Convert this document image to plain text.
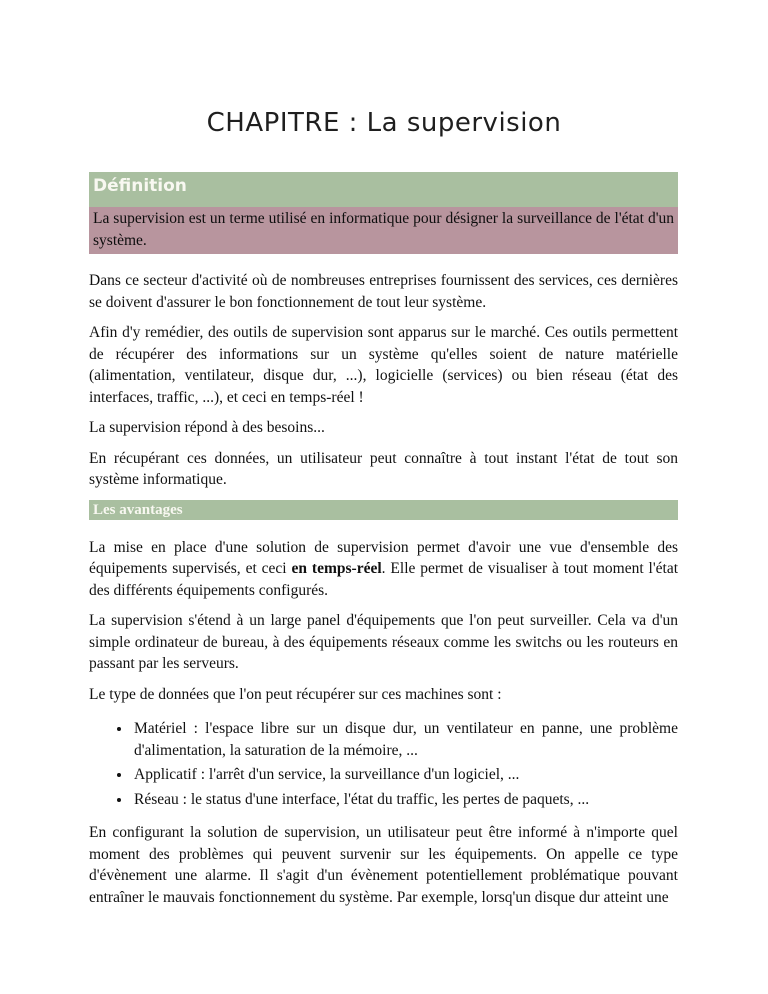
CHAPITRE : La supervision
Définition

La supervision est un terme utilisé en informatique pour désigner la surveillance de l'état d'un système.

Dans ce secteur d'activité où de nombreuses entreprises fournissent des services, ces dernières se doivent d'assurer le bon fonctionnement de tout leur système.

Afin d'y remédier, des outils de supervision sont apparus sur le marché. Ces outils permettent de récupérer des informations sur un système qu'elles soient de nature matérielle (alimentation, ventilateur, disque dur, ...), logicielle (services) ou bien réseau (état des interfaces, traffic, ...), et ceci en temps-réel !

La supervision répond à des besoins...

En récupérant ces données, un utilisateur peut connaître à tout instant l'état de tout son système informatique.

Les avantages

La mise en place d'une solution de supervision permet d'avoir une vue d'ensemble des équipements supervisés, et ceci en temps-réel. Elle permet de visualiser à tout moment l'état des différents équipements configurés.

La supervision s'étend à un large panel d'équipements que l'on peut surveiller. Cela va d'un simple ordinateur de bureau, à des équipements réseaux comme les switchs ou les routeurs en passant par les serveurs.

Le type de données que l'on peut récupérer sur ces machines sont :

• Matériel : l'espace libre sur un disque dur, un ventilateur en panne, une problème d'alimentation, la saturation de la mémoire, ...
• Applicatif : l'arrêt d'un service, la surveillance d'un logiciel, ...
• Réseau : le status d'une interface, l'état du traffic, les pertes de paquets, ...

En configurant la solution de supervision, un utilisateur peut être informé à n'importe quel moment des problèmes qui peuvent survenir sur les équipements. On appelle ce type d'évènement une alarme. Il s'agit d'un évènement potentiellement problématique pouvant entraîner le mauvais fonctionnement du système. Par exemple, lorsq'un disque dur atteint une
